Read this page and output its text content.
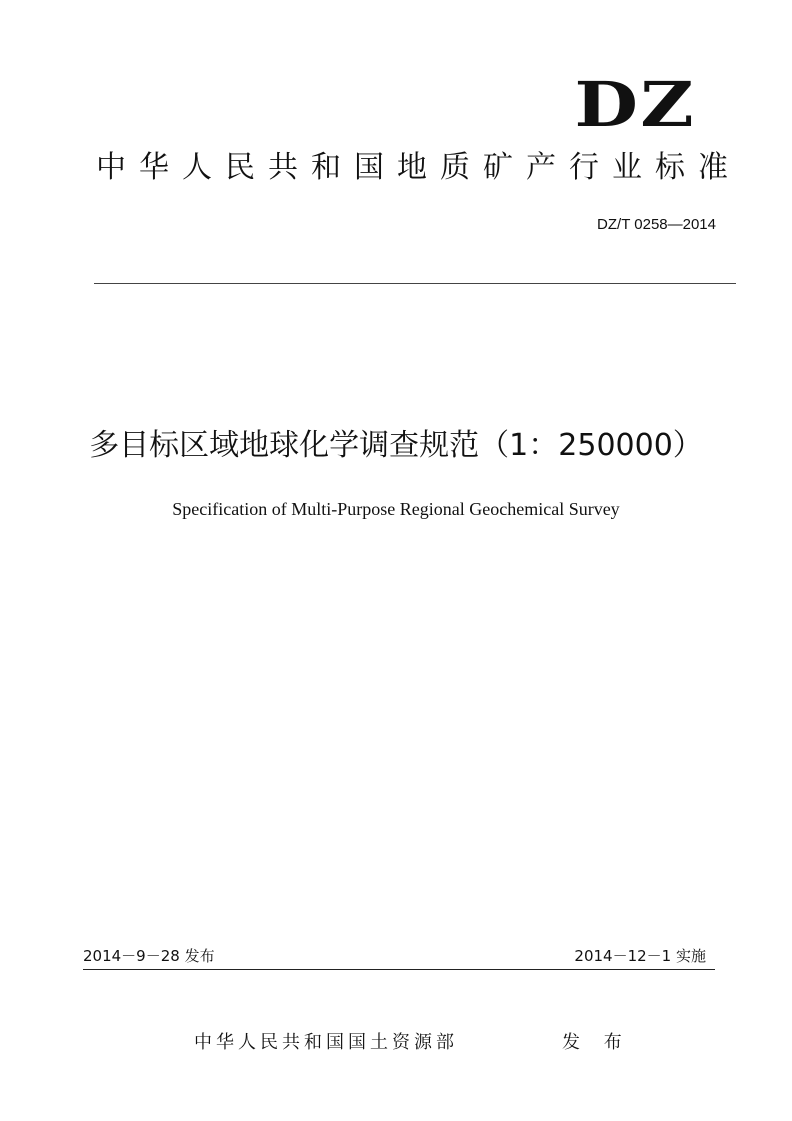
DZ
中华人民共和国地质矿产行业标准
DZ/T 0258—2014
多目标区域地球化学调查规范（1：250000）
Specification of Multi-Purpose Regional Geochemical Survey
2014－9－28 发布	2014－12－1 实施
中华人民共和国国土资源部	发 布
